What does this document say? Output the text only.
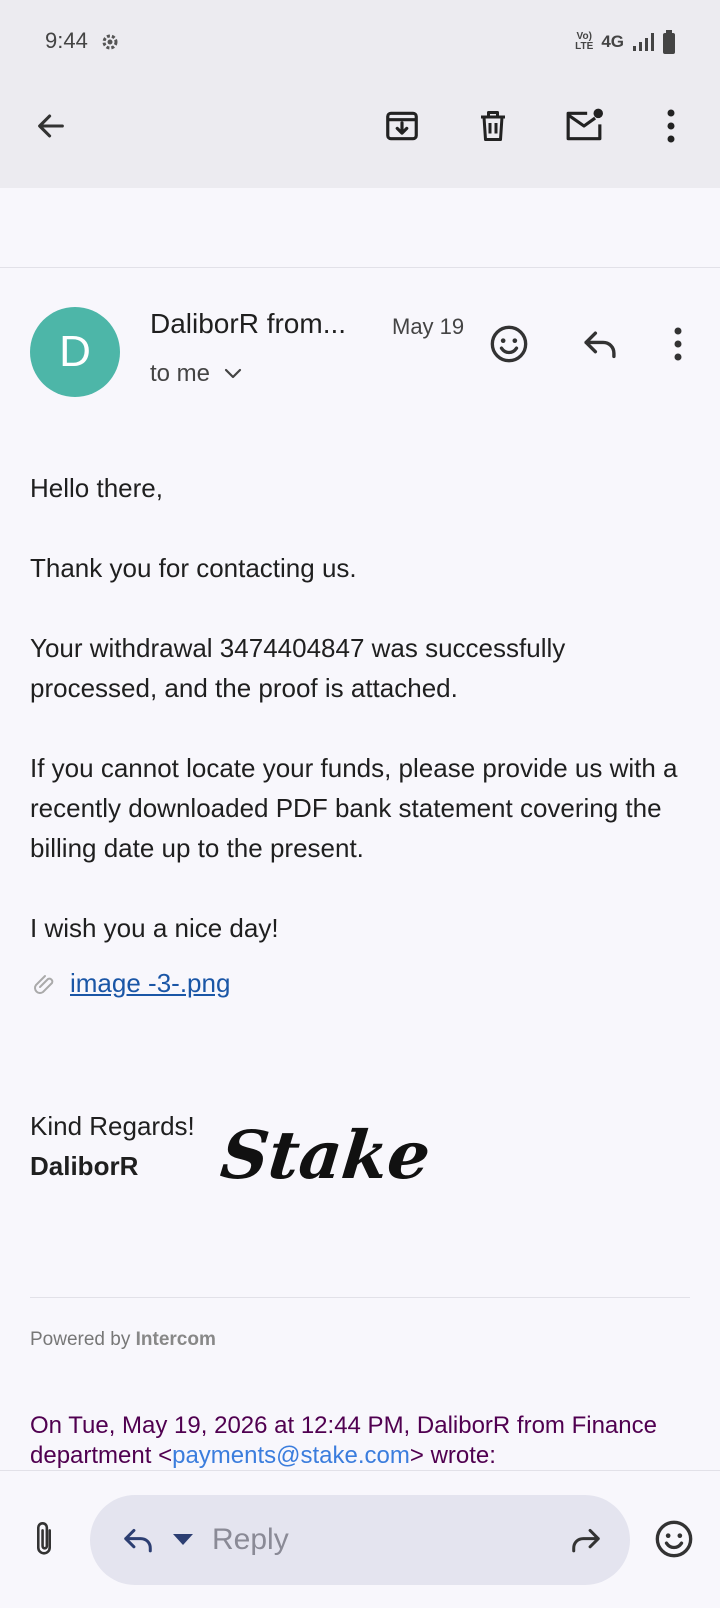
9:44	Vo)
LTE 4G
D
DaliborR from... May 19
to me

Hello there,

Thank you for contacting us.

Your withdrawal 3474404847 was successfully processed, and the proof is attached.

If you cannot locate your funds, please provide us with a recently downloaded PDF bank statement covering the billing date up to the present.

I wish you a nice day!

image -3-.png
Kind Regards!
DaliborR	Stake
Powered by Intercom
On Tue, May 19, 2026 at 12:44 PM, DaliborR from Finance department <payments@stake.com> wrote:
Reply
